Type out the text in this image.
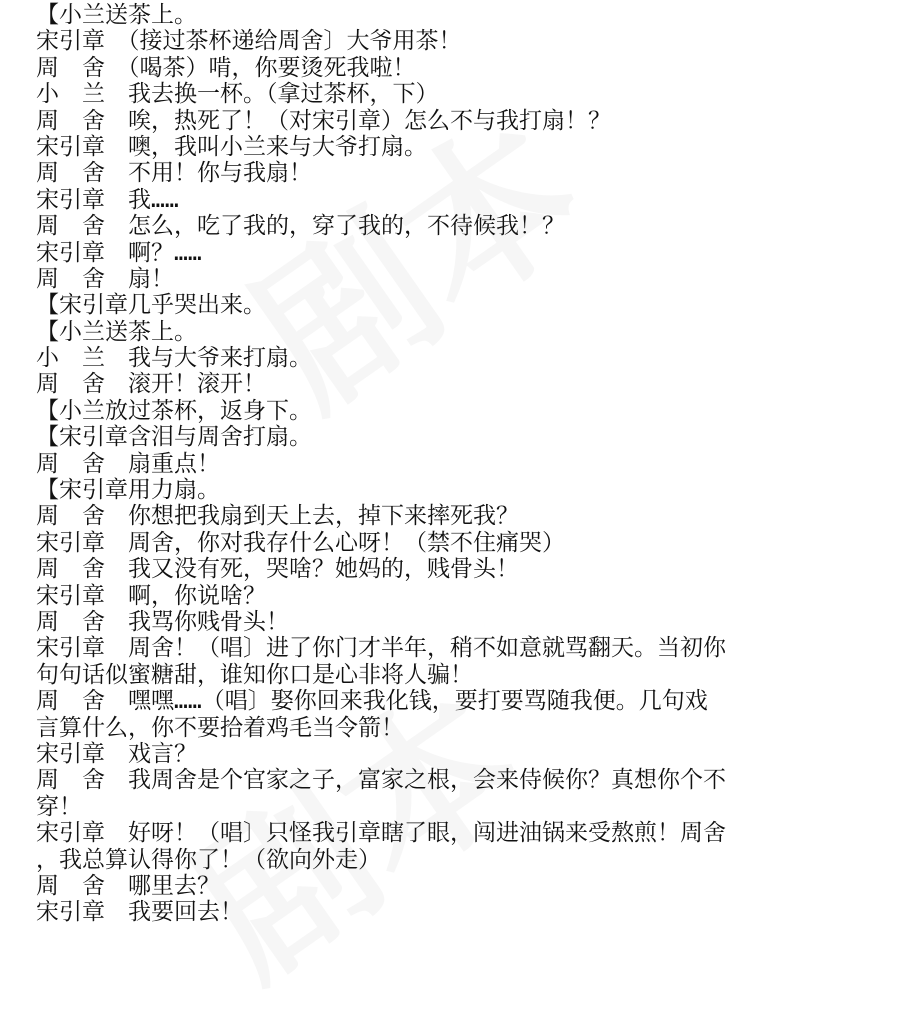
【小兰送茶上。
宋引章　（接过茶杯递给周舍〕大爷用茶！
周　舍　（喝茶）啃，你要烫死我啦！
小　兰　我去换一杯。（拿过茶杯，下）
周　舍　唉，热死了！（对宋引章）怎么不与我打扇！？
宋引章　噢，我叫小兰来与大爷打扇。
周　舍　不用！你与我扇！
宋引章　我……
周　舍　怎么，吃了我的，穿了我的，不待候我！？
宋引章　啊？……
周　舍　扇！
【宋引章几乎哭出来。
【小兰送茶上。
小　兰　我与大爷来打扇。
周　舍　滚开！滚开！
【小兰放过茶杯，返身下。
【宋引章含泪与周舍打扇。
周　舍　扇重点！
【宋引章用力扇。
周　舍　你想把我扇到天上去，掉下来摔死我？
宋引章　周舍，你对我存什么心呀！（禁不住痛哭）
周　舍　我又没有死，哭啥？她妈的，贱骨头！
宋引章　啊，你说啥？
周　舍　我骂你贱骨头！
宋引章　周舍！（唱〕进了你门才半年，稍不如意就骂翻天。当初你
句句话似蜜糖甜，谁知你口是心非将人骗！
周　舍　嘿嘿……（唱〕娶你回来我化钱，要打要骂随我便。几句戏
言算什么，你不要拾着鸡毛当令箭！
宋引章　戏言？
周　舍　我周舍是个官家之子，富家之根，会来侍候你？真想你个不
穿！
宋引章　好呀！（唱〕只怪我引章瞎了眼，闯进油锅来受熬煎！周舍
，我总算认得你了！（欲向外走）
周　舍　哪里去？
宋引章　我要回去！
